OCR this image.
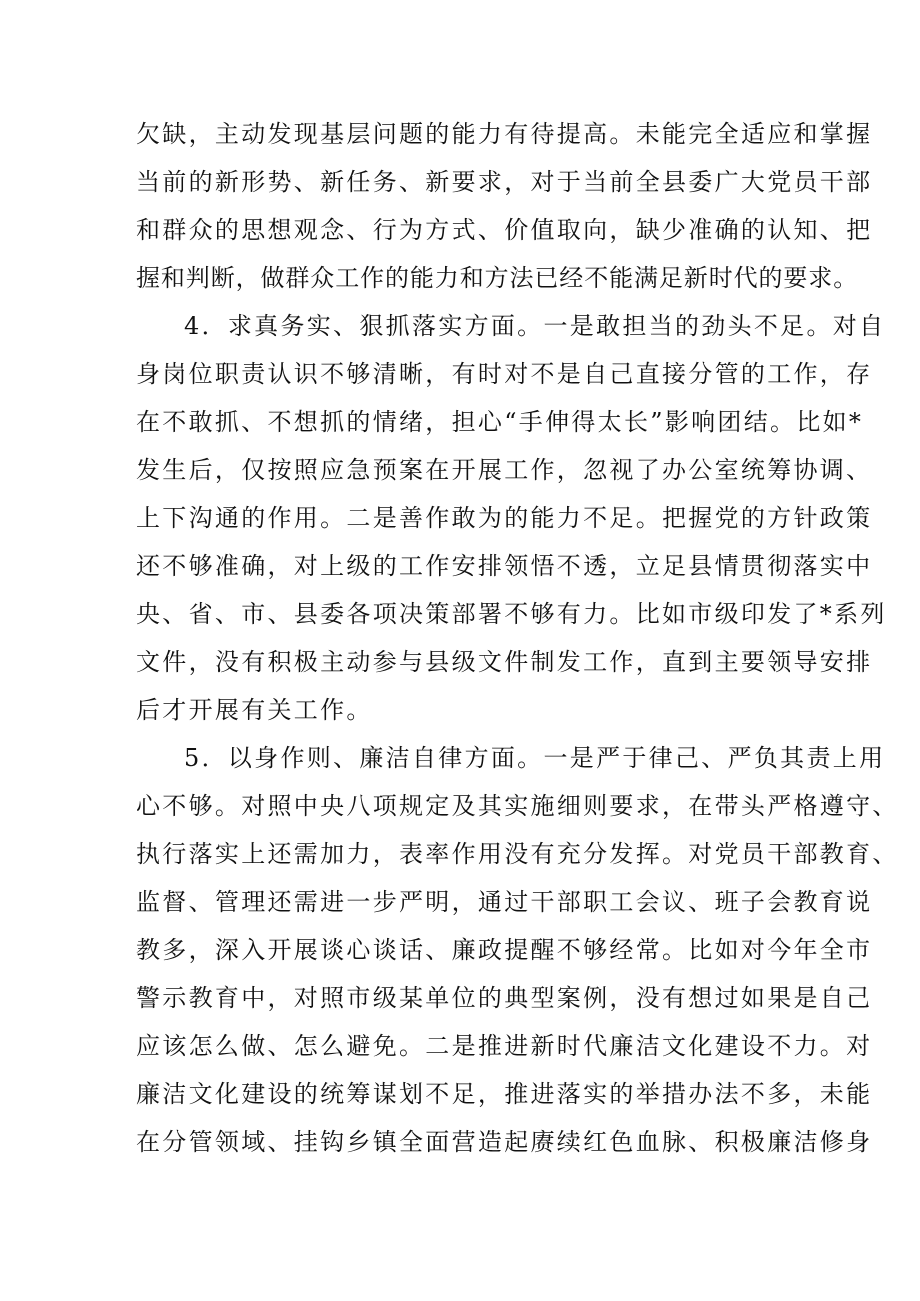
欠缺，主动发现基层问题的能力有待提高。未能完全适应和掌握
当前的新形势、新任务、新要求，对于当前全县委广大党员干部
和群众的思想观念、行为方式、价值取向，缺少准确的认知、把
握和判断，做群众工作的能力和方法已经不能满足新时代的要求。
4．求真务实、狠抓落实方面。一是敢担当的劲头不足。对自
身岗位职责认识不够清晰，有时对不是自己直接分管的工作，存
在不敢抓、不想抓的情绪，担心“手伸得太长”影响团结。比如*
发生后，仅按照应急预案在开展工作，忽视了办公室统筹协调、
上下沟通的作用。二是善作敢为的能力不足。把握党的方针政策
还不够准确，对上级的工作安排领悟不透，立足县情贯彻落实中
央、省、市、县委各项决策部署不够有力。比如市级印发了*系列
文件，没有积极主动参与县级文件制发工作，直到主要领导安排
后才开展有关工作。
5．以身作则、廉洁自律方面。一是严于律己、严负其责上用
心不够。对照中央八项规定及其实施细则要求，在带头严格遵守、
执行落实上还需加力，表率作用没有充分发挥。对党员干部教育、
监督、管理还需进一步严明，通过干部职工会议、班子会教育说
教多，深入开展谈心谈话、廉政提醒不够经常。比如对今年全市
警示教育中，对照市级某单位的典型案例，没有想过如果是自己
应该怎么做、怎么避免。二是推进新时代廉洁文化建设不力。对
廉洁文化建设的统筹谋划不足，推进落实的举措办法不多，未能
在分管领域、挂钩乡镇全面营造起赓续红色血脉、积极廉洁修身
